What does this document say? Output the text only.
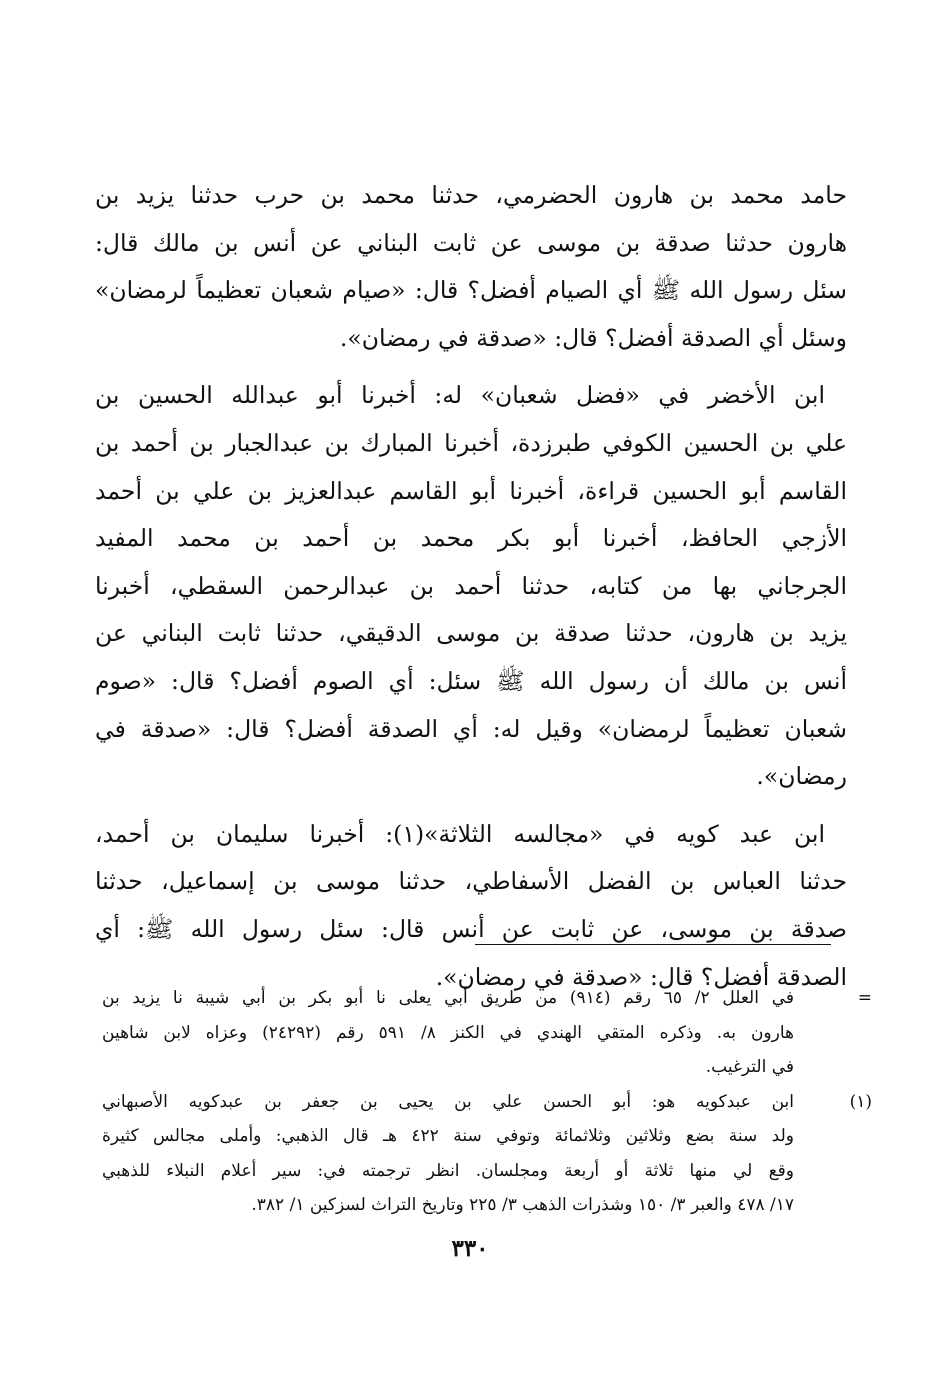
حامد محمد بن هارون الحضرمي، حدثنا محمد بن حرب حدثنا يزيد بن
هارون حدثنا صدقة بن موسى عن ثابت البناني عن أنس بن مالك قال:
سئل رسول الله ﷺ أي الصيام أفضل؟ قال: «صيام شعبان تعظيماً لرمضان»
وسئل أي الصدقة أفضل؟ قال: «صدقة في رمضان».
ابن الأخضر في «فضل شعبان» له: أخبرنا أبو عبدالله الحسين بن
علي بن الحسين الكوفي طبرزدة، أخبرنا المبارك بن عبدالجبار بن أحمد بن
القاسم أبو الحسين قراءة، أخبرنا أبو القاسم عبدالعزيز بن علي بن أحمد
الأزجي الحافظ، أخبرنا أبو بكر محمد بن أحمد بن محمد المفيد
الجرجاني بها من كتابه، حدثنا أحمد بن عبدالرحمن السقطي، أخبرنا
يزيد بن هارون، حدثنا صدقة بن موسى الدقيقي، حدثنا ثابت البناني عن
أنس بن مالك أن رسول الله ﷺ سئل: أي الصوم أفضل؟ قال: «صوم
شعبان تعظيماً لرمضان» وقيل له: أي الصدقة أفضل؟ قال: «صدقة في
رمضان».
ابن عبد كويه في «مجالسه الثلاثة»(١): أخبرنا سليمان بن أحمد،
حدثنا العباس بن الفضل الأسفاطي، حدثنا موسى بن إسماعيل، حدثنا
صدقة بن موسى، عن ثابت عن أنس قال: سئل رسول الله ﷺ: أي
الصدقة أفضل؟ قال: «صدقة في رمضان».
=
في العلل ٢/ ٦٥ رقم (٩١٤) من طريق أبي يعلى نا أبو بكر بن أبي شيبة نا يزيد بن
هارون به. وذكره المتقي الهندي في الكنز ٨/ ٥٩١ رقم (٢٤٢٩٢) وعزاه لابن شاهين
في الترغيب.
(١)
ابن عبدكويه هو: أبو الحسن علي بن يحيى بن جعفر بن عبدكويه الأصبهاني
ولد سنة بضع وثلاثين وثلاثمائة وتوفي سنة ٤٢٢ هـ قال الذهبي: وأملى مجالس كثيرة
وقع لي منها ثلاثة أو أربعة ومجلسان. انظر ترجمته في: سير أعلام النبلاء للذهبي
١٧/ ٤٧٨ والعبر ٣/ ١٥٠ وشذرات الذهب ٣/ ٢٢٥ وتاريخ التراث لسزكين ١/ ٣٨٢.
٣٣٠
